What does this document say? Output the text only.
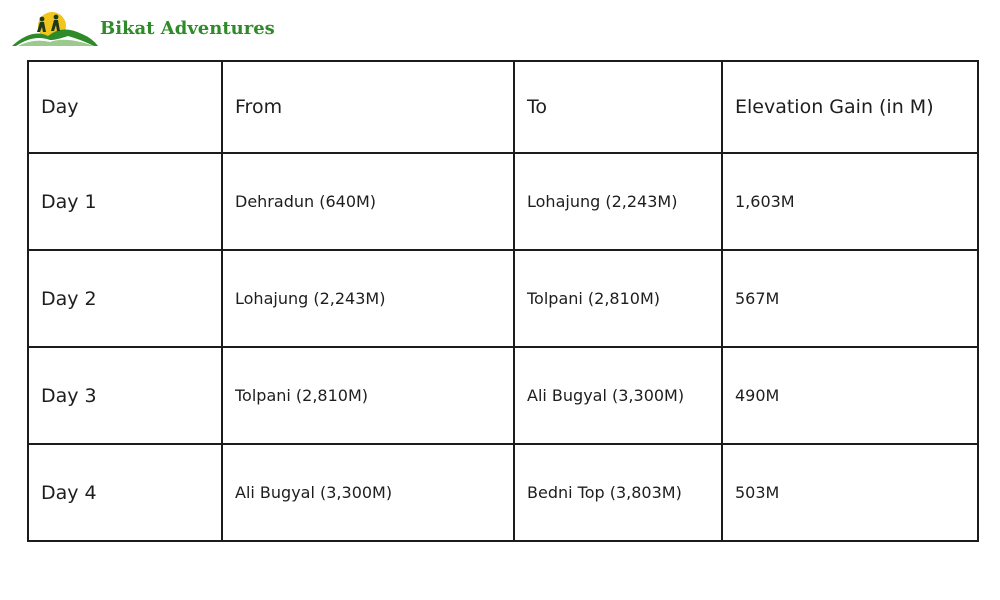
Bikat Adventures
Day	From	To	Elevation Gain (in M)
Day 1	Dehradun (640M)	Lohajung (2,243M)	1,603M
Day 2	Lohajung (2,243M)	Tolpani (2,810M)	567M
Day 3	Tolpani (2,810M)	Ali Bugyal (3,300M)	490M
Day 4	Ali Bugyal (3,300M)	Bedni Top (3,803M)	503M
